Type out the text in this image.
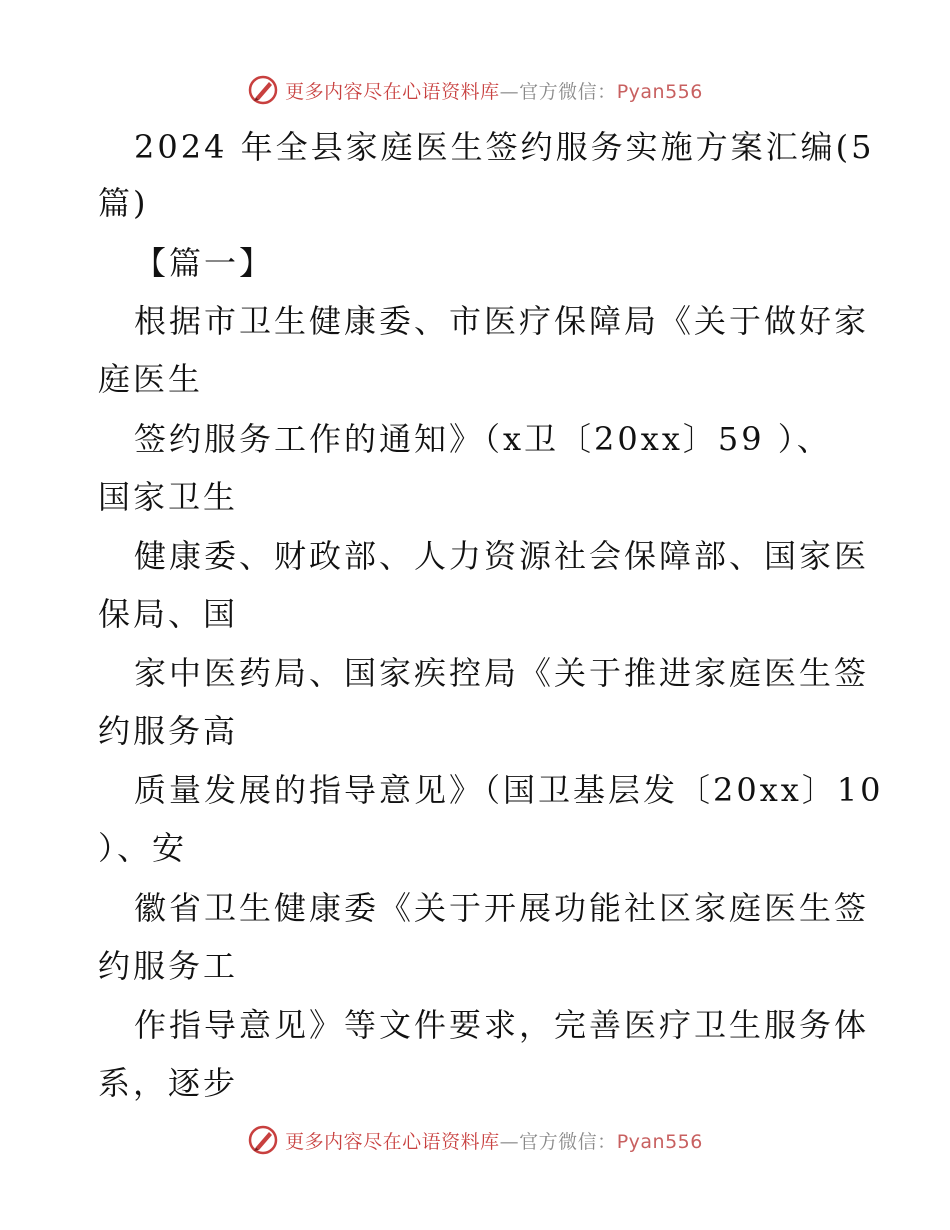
更多内容尽在心语资料库—官方微信：Pyan556
2024 年全县家庭医生签约服务实施方案汇编(5
篇)
【篇一】
根据市卫生健康委、市医疗保障局《关于做好家
庭医生
签约服务工作的通知》（x卫〔20xx〕59 ）、
国家卫生
健康委、财政部、人力资源社会保障部、国家医
保局、国
家中医药局、国家疾控局《关于推进家庭医生签
约服务高
质量发展的指导意见》（国卫基层发〔20xx〕10
）、安
徽省卫生健康委《关于开展功能社区家庭医生签
约服务工
作指导意见》等文件要求，完善医疗卫生服务体
系，逐步
更多内容尽在心语资料库—官方微信：Pyan556
